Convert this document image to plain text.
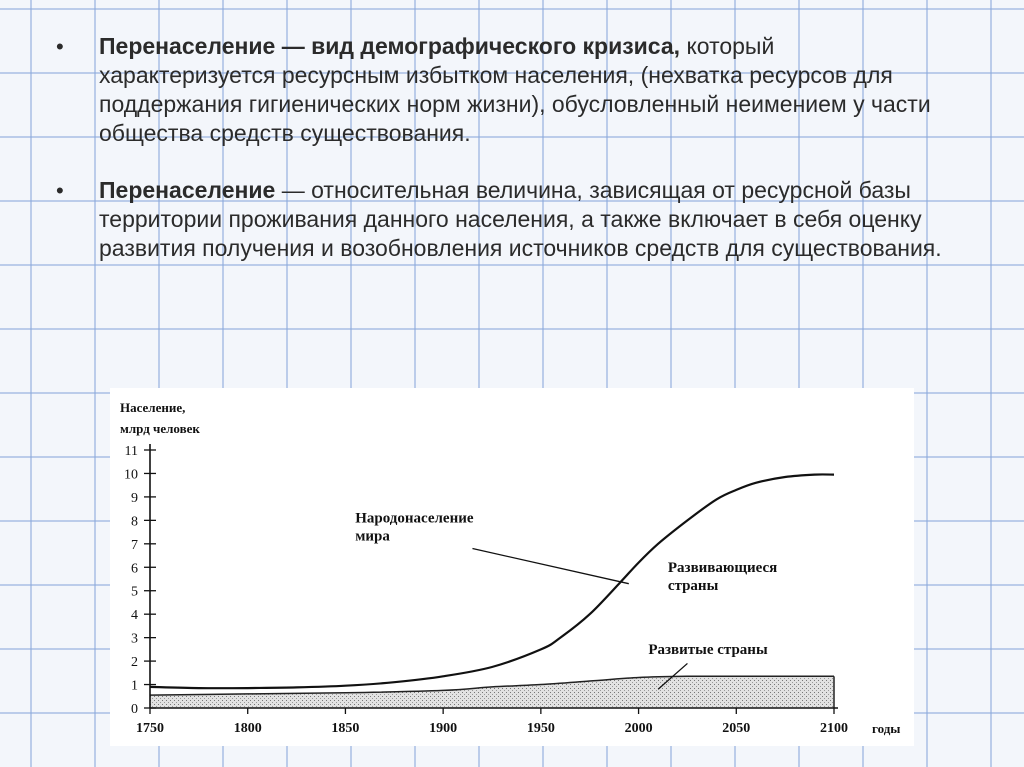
• Перенаселение — вид демографического кризиса, который характеризуется ресурсным избытком населения, (нехватка ресурсов для поддержания гигиенических норм жизни), обусловленный неимением у части общества средств существования.
• Перенаселение — относительная величина, зависящая от ресурсной базы территории проживания данного населения, а также включает в себя оценку развития получения и возобновления источников средств для существования.
Население,
млрд человек
годы
0
1
2
3
4
5
6
7
8
9
10
11
1750	1800	1850	1900	1950	2000	2050	2100
Народонаселение
мира
Развивающиеся
страны
Развитые страны
